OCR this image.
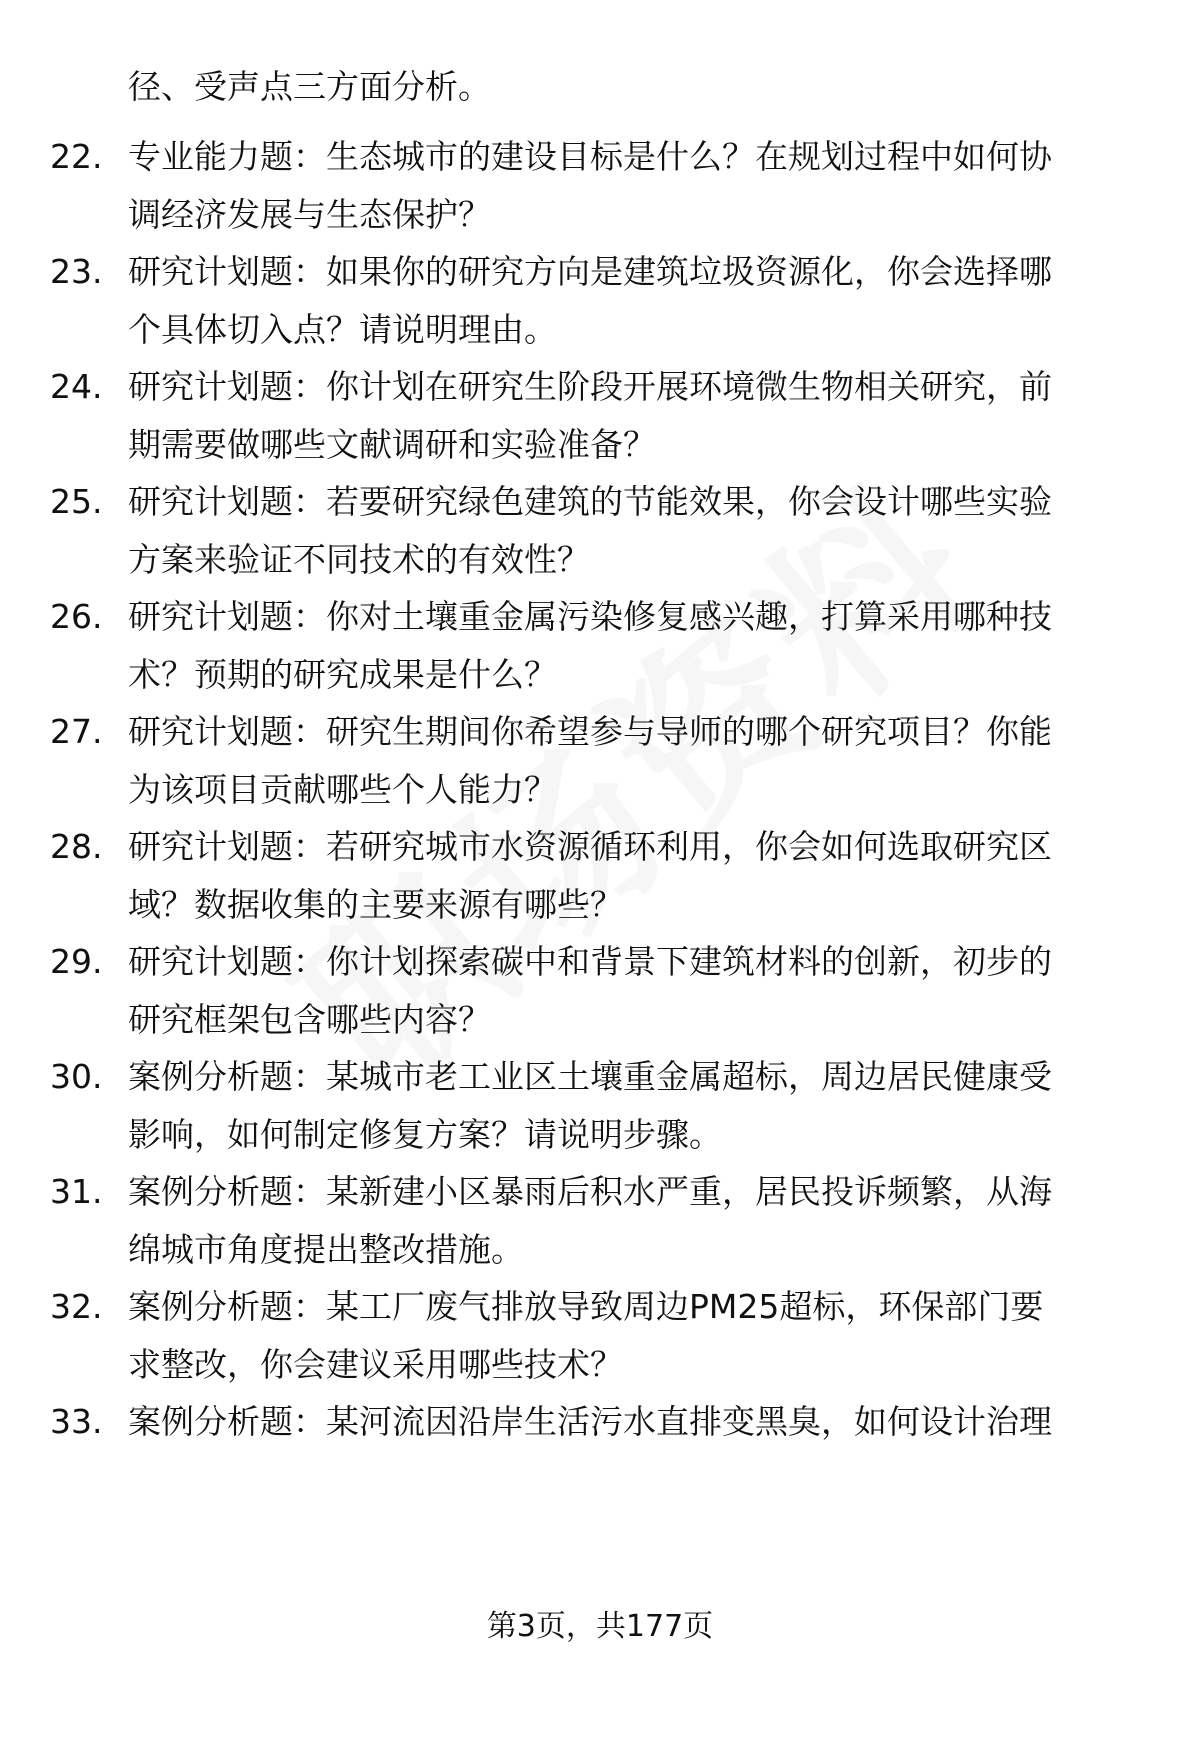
径、受声点三方面分析。
22. 专业能力题：生态城市的建设目标是什么？在规划过程中如何协
调经济发展与生态保护？
23. 研究计划题：如果你的研究方向是建筑垃圾资源化，你会选择哪
个具体切入点？请说明理由。
24. 研究计划题：你计划在研究生阶段开展环境微生物相关研究，前
期需要做哪些文献调研和实验准备？
25. 研究计划题：若要研究绿色建筑的节能效果，你会设计哪些实验
方案来验证不同技术的有效性？
26. 研究计划题：你对土壤重金属污染修复感兴趣，打算采用哪种技
术？预期的研究成果是什么？
27. 研究计划题：研究生期间你希望参与导师的哪个研究项目？你能
为该项目贡献哪些个人能力？
28. 研究计划题：若研究城市水资源循环利用，你会如何选取研究区
域？数据收集的主要来源有哪些？
29. 研究计划题：你计划探索碳中和背景下建筑材料的创新，初步的
研究框架包含哪些内容？
30. 案例分析题：某城市老工业区土壤重金属超标，周边居民健康受
影响，如何制定修复方案？请说明步骤。
31. 案例分析题：某新建小区暴雨后积水严重，居民投诉频繁，从海
绵城市角度提出整改措施。
32. 案例分析题：某工厂废气排放导致周边PM25超标，环保部门要
求整改，你会建议采用哪些技术？
33. 案例分析题：某河流因沿岸生活污水直排变黑臭，如何设计治理
第3页，共177页
